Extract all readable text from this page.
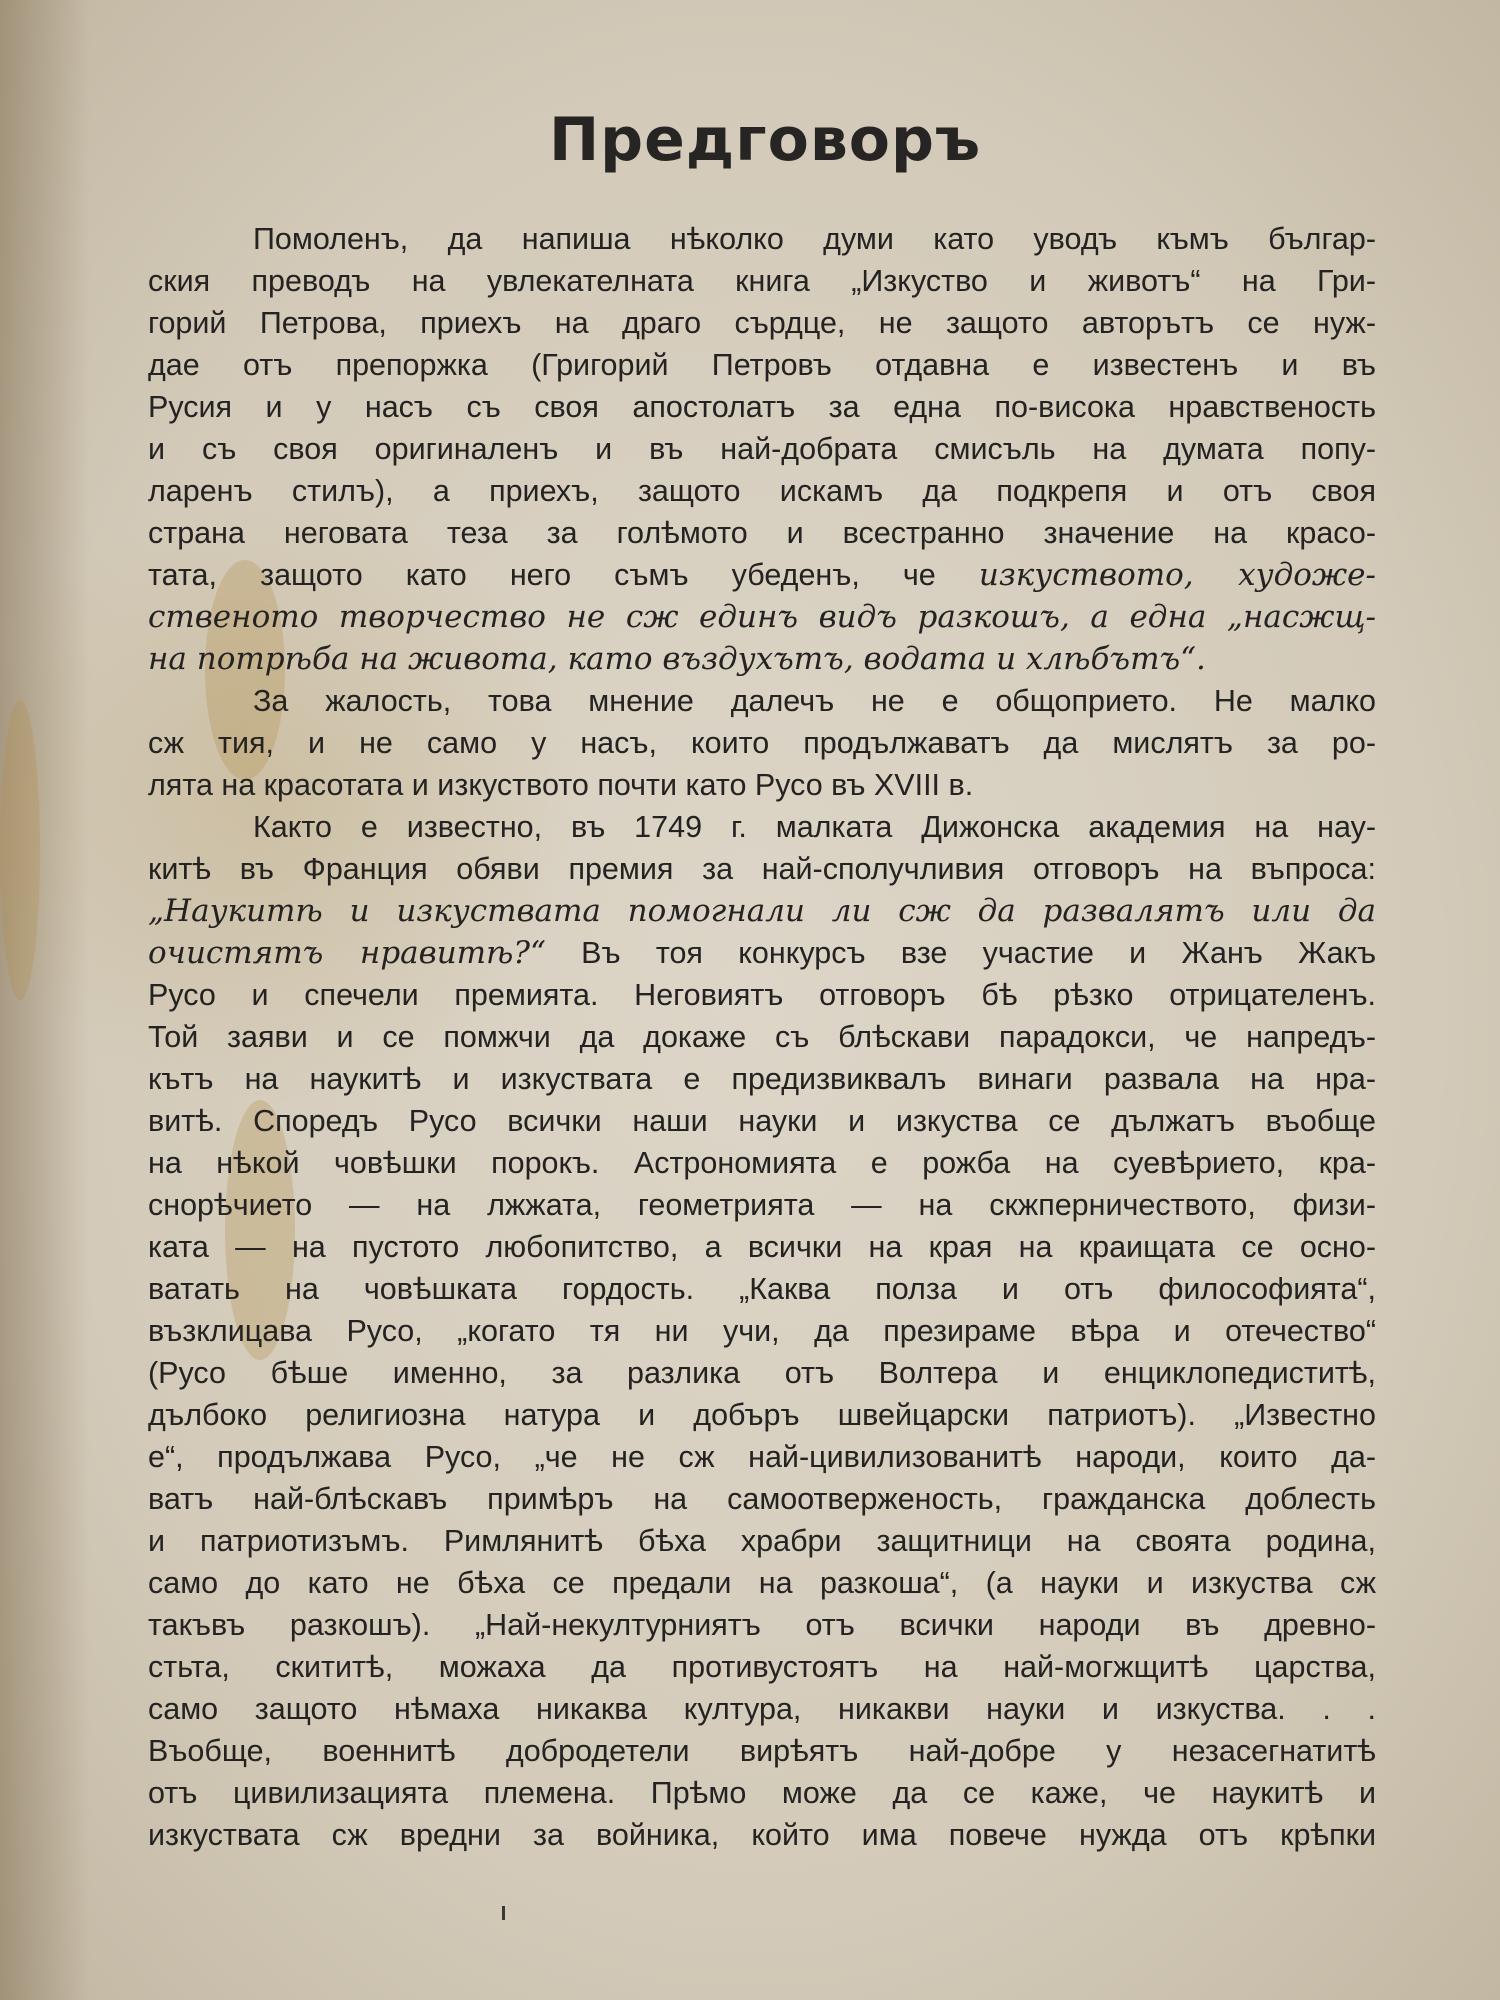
Предговоръ
Помоленъ, да напиша нѣколко думи като уводъ къмъ българ-
ския преводъ на увлекателната книга „Изкуство и животъ“ на Гри-
горий Петрова, приехъ на драго сърдце, не защото авторътъ се нуж-
дае отъ препоржка (Григорий Петровъ отдавна е известенъ и въ
Русия и у насъ съ своя апостолатъ за една по-висока нравственость
и съ своя оригиналенъ и въ най-добрата смисъль на думата попу-
ларенъ стилъ), а приехъ, защото искамъ да подкрепя и отъ своя
страна неговата теза за голѣмото и всестранно значение на красо-
тата, защото като него съмъ убеденъ, че изкуството, художе-
ственото творчество не сж единъ видъ разкошъ, а една „насжщ-
на потрѣба на живота, като въздухътъ, водата и хлѣбътъ“.
За жалость, това мнение далечъ не е общоприето. Не малко
сж тия, и не само у насъ, които продължаватъ да мислятъ за ро-
лята на красотата и изкуството почти като Русо въ XVIII в.
Както е известно, въ 1749 г. малката Дижонска академия на нау-
китѣ въ Франция обяви премия за най-сполучливия отговоръ на въпроса:
„Наукитѣ и изкуствата помогнали ли сж да развалятъ или да
очистятъ нравитѣ?“ Въ тоя конкурсъ взе участие и Жанъ Жакъ
Русо и спечели премията. Неговиятъ отговоръ бѣ рѣзко отрицателенъ.
Той заяви и се помжчи да докаже съ блѣскави парадокси, че напредъ-
кътъ на наукитѣ и изкуствата е предизвиквалъ винаги развала на нра-
витѣ. Споредъ Русо всички наши науки и изкуства се дължатъ въобще
на нѣкой човѣшки порокъ. Астрономията е рожба на суевѣрието, кра-
снорѣчието — на лжжата, геометрията — на скжперничеството, физи-
ката — на пустото любопитство, а всички на края на краищата се осно-
ватать на човѣшката гордость. „Каква полза и отъ философията“,
възклицава Русо, „когато тя ни учи, да презираме вѣра и отечество“
(Русо бѣше именно, за разлика отъ Волтера и енциклопедиститѣ,
дълбоко религиозна натура и добъръ швейцарски патриотъ). „Известно
е“, продължава Русо, „че не сж най-цивилизованитѣ народи, които да-
ватъ най-блѣскавъ примѣръ на самоотверженость, гражданска доблесть
и патриотизъмъ. Римлянитѣ бѣха храбри защитници на своята родина,
само до като не бѣха се предали на разкоша“, (а науки и изкуства сж
такъвъ разкошъ). „Най-некултурниятъ отъ всички народи въ древно-
стьта, скититѣ, можаха да противустоятъ на най-могжщитѣ царства,
само защото нѣмаха никаква култура, никакви науки и изкуства. . .
Въобще, военнитѣ добродетели вирѣятъ най-добре у незасегнатитѣ
отъ цивилизацията племена. Прѣмо може да се каже, че наукитѣ и
изкуствата сж вредни за войника, който има повече нужда отъ крѣпки
